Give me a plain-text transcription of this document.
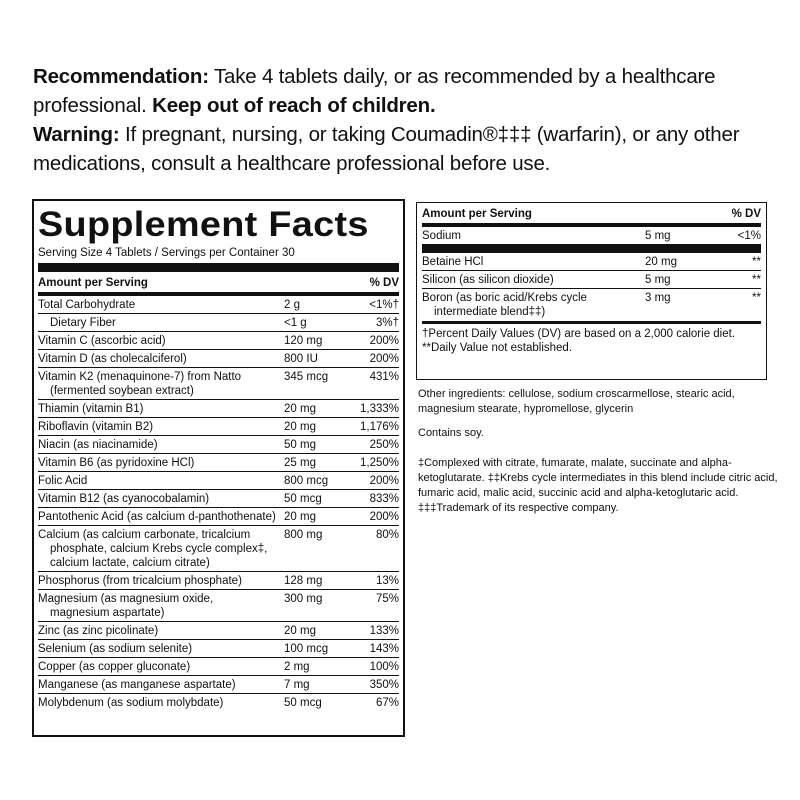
Recommendation: Take 4 tablets daily, or as recommended by a healthcare professional. Keep out of reach of children.

Warning: If pregnant, nursing, or taking Coumadin®‡‡‡ (warfarin), or any other medications, consult a healthcare professional before use.

Supplement Facts
Serving Size 4 Tablets / Servings per Container 30
Amount per Serving	% DV
Total Carbohydrate	2 g	<1%†
Dietary Fiber	<1 g	3%†
Vitamin C (ascorbic acid)	120 mg	200%
Vitamin D (as cholecalciferol)	800 IU	200%
Vitamin K2 (menaquinone-7) from Natto
(fermented soybean extract)
345 mcg	431%
Thiamin (vitamin B1)	20 mg	1,333%
Riboflavin (vitamin B2)	20 mg	1,176%
Niacin (as niacinamide)	50 mg	250%
Vitamin B6 (as pyridoxine HCl)	25 mg	1,250%
Folic Acid	800 mcg	200%
Vitamin B12 (as cyanocobalamin)	50 mcg	833%
Pantothenic Acid (as calcium d-panthothenate) 20 mg	200%
Calcium (as calcium carbonate, tricalcium
phosphate, calcium Krebs cycle complex‡, calcium lactate, calcium citrate)
800 mg	80%
Phosphorus (from tricalcium phosphate)	128 mg	13%
Magnesium (as magnesium oxide,
magnesium aspartate)
300 mg	75%
Zinc (as zinc picolinate)	20 mg	133%
Selenium (as sodium selenite)	100 mcg	143%
Copper (as copper gluconate)	2 mg	100%
Manganese (as manganese aspartate)	7 mg	350%
Molybdenum (as sodium molybdate)	50 mcg	67%
Amount per Serving	% DV
Sodium	5 mg	<1%
Betaine HCl	20 mg	**
Silicon (as silicon dioxide)	5 mg	**
Boron (as boric acid/Krebs cycle
intermediate blend‡‡)
3 mg	**
†Percent Daily Values (DV) are based on a 2,000 calorie diet.
**Daily Value not established.

Other ingredients: cellulose, sodium croscarmellose, stearic acid, magnesium stearate, hypromellose, glycerin

Contains soy.

‡Complexed with citrate, fumarate, malate, succinate and alpha-ketoglutarate. ‡‡Krebs cycle intermediates in this blend include citric acid, fumaric acid, malic acid, succinic acid and alpha-ketoglutaric acid.
‡‡‡Trademark of its respective company.
